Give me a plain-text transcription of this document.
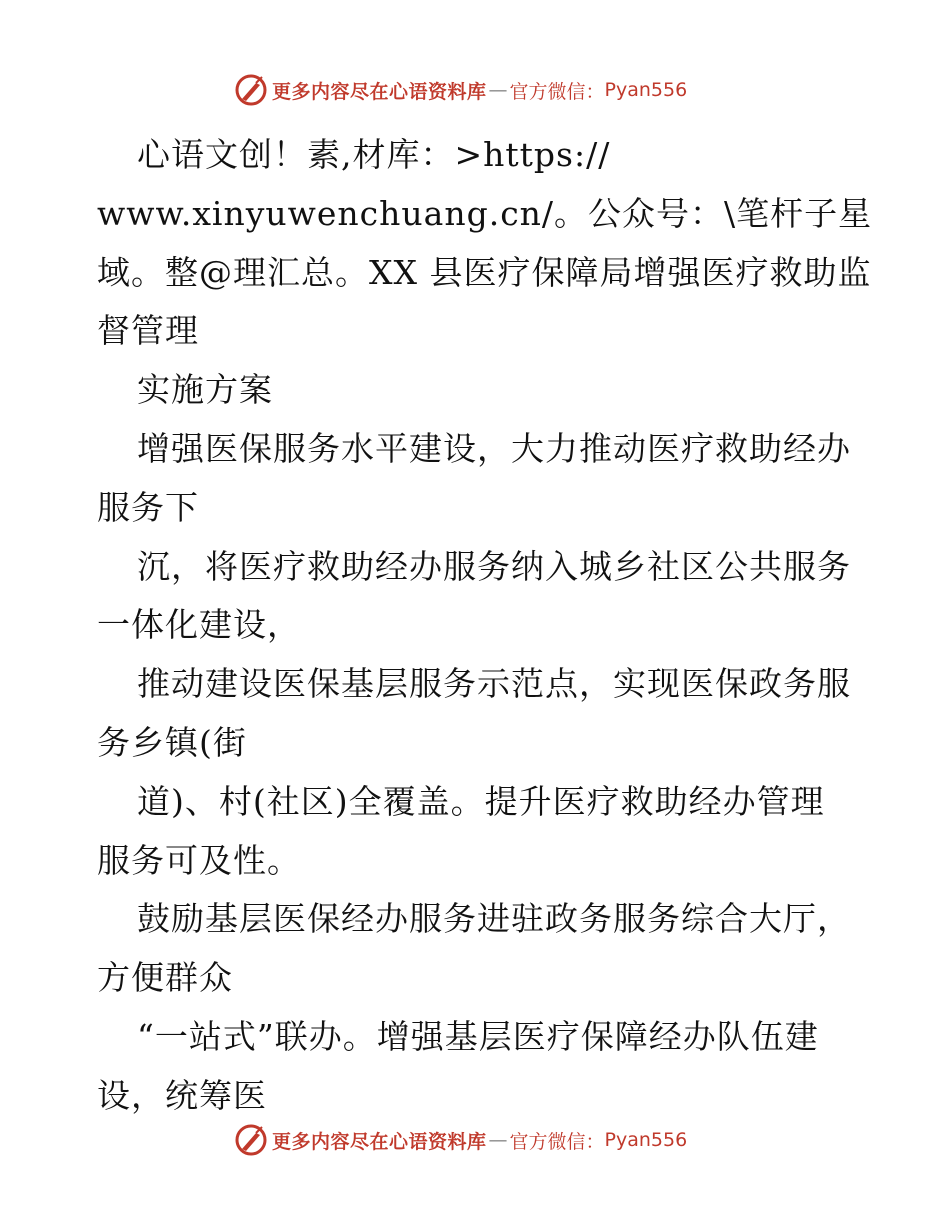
更多内容尽在心语资料库 — 官方微信： Pyan556
心语文创！素,材库：>https://
www.xinyuwenchuang.cn/。公众号：\笔杆子星
域。整@理汇总。XX 县医疗保障局增强医疗救助监
督管理
实施方案
增强医保服务水平建设，大力推动医疗救助经办
服务下
沉，将医疗救助经办服务纳入城乡社区公共服务
一体化建设，
推动建设医保基层服务示范点，实现医保政务服
务乡镇(街
道)、村(社区)全覆盖。提升医疗救助经办管理
服务可及性。
鼓励基层医保经办服务进驻政务服务综合大厅，
方便群众
“一站式”联办。增强基层医疗保障经办队伍建
设，统筹医
更多内容尽在心语资料库 — 官方微信： Pyan556
